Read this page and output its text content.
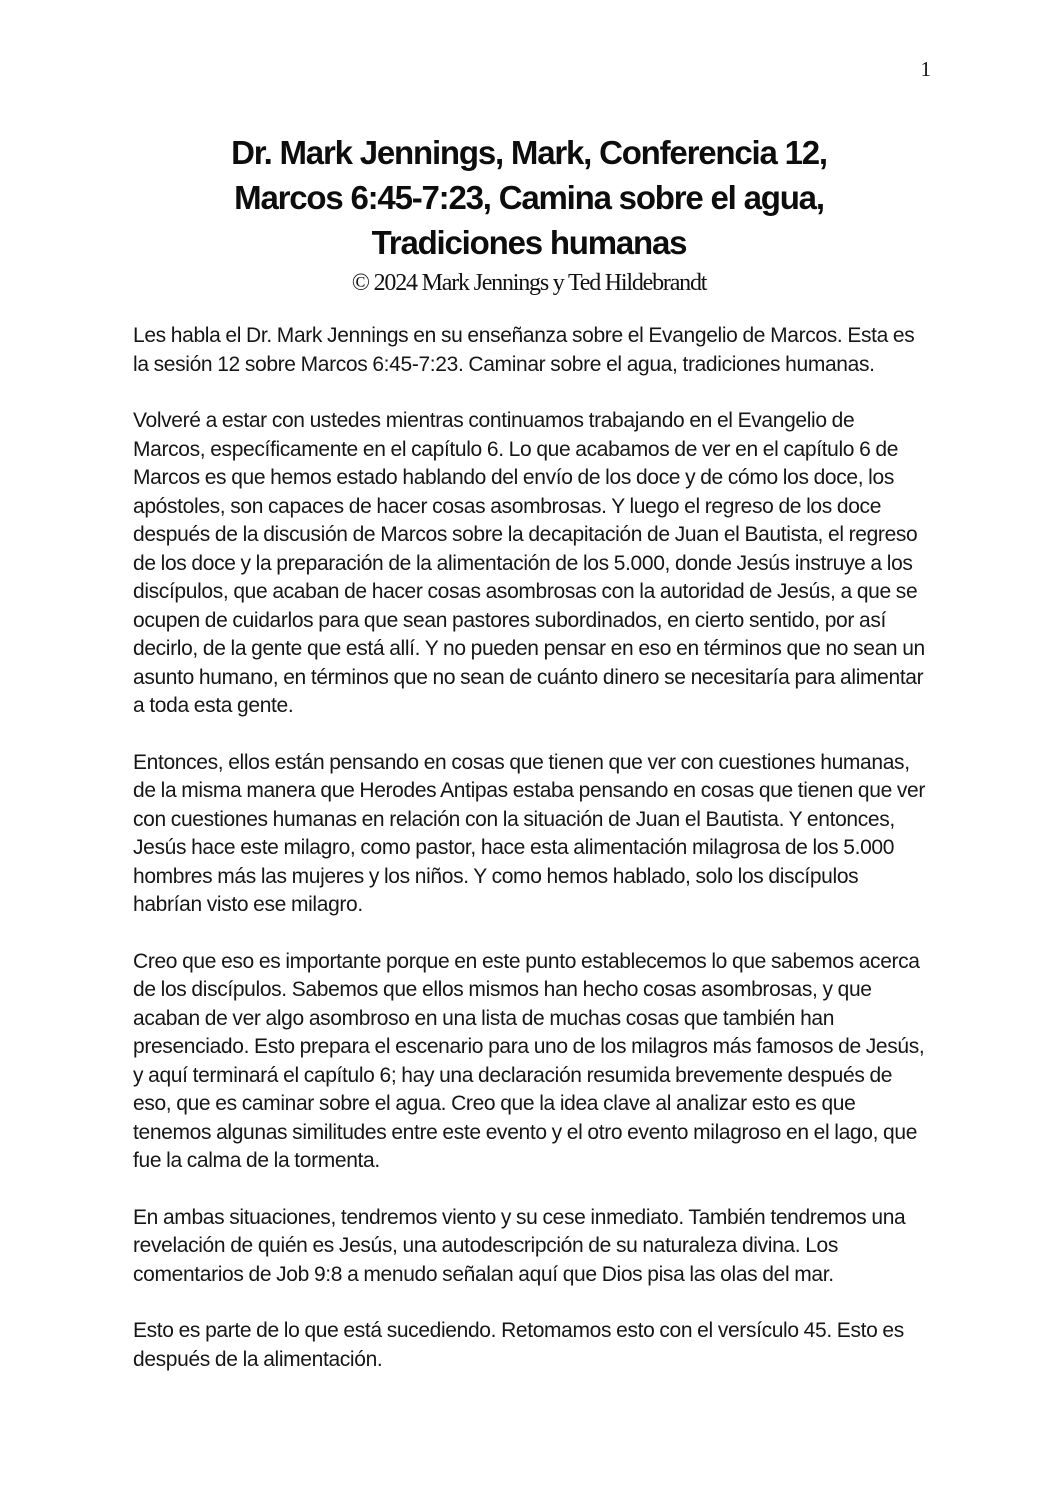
1
Dr. Mark Jennings, Mark, Conferencia 12,
Marcos 6:45-7:23, Camina sobre el agua,
Tradiciones humanas
© 2024 Mark Jennings y Ted Hildebrandt

Les habla el Dr. Mark Jennings en su enseñanza sobre el Evangelio de Marcos. Esta es la sesión 12 sobre Marcos 6:45-7:23. Caminar sobre el agua, tradiciones humanas.

Volveré a estar con ustedes mientras continuamos trabajando en el Evangelio de Marcos, específicamente en el capítulo 6. Lo que acabamos de ver en el capítulo 6 de Marcos es que hemos estado hablando del envío de los doce y de cómo los doce, los apóstoles, son capaces de hacer cosas asombrosas. Y luego el regreso de los doce después de la discusión de Marcos sobre la decapitación de Juan el Bautista, el regreso de los doce y la preparación de la alimentación de los 5.000, donde Jesús instruye a los discípulos, que acaban de hacer cosas asombrosas con la autoridad de Jesús, a que se ocupen de cuidarlos para que sean pastores subordinados, en cierto sentido, por así decirlo, de la gente que está allí. Y no pueden pensar en eso en términos que no sean un asunto humano, en términos que no sean de cuánto dinero se necesitaría para alimentar a toda esta gente.

Entonces, ellos están pensando en cosas que tienen que ver con cuestiones humanas, de la misma manera que Herodes Antipas estaba pensando en cosas que tienen que ver con cuestiones humanas en relación con la situación de Juan el Bautista. Y entonces, Jesús hace este milagro, como pastor, hace esta alimentación milagrosa de los 5.000 hombres más las mujeres y los niños. Y como hemos hablado, solo los discípulos habrían visto ese milagro.

Creo que eso es importante porque en este punto establecemos lo que sabemos acerca de los discípulos. Sabemos que ellos mismos han hecho cosas asombrosas, y que acaban de ver algo asombroso en una lista de muchas cosas que también han presenciado. Esto prepara el escenario para uno de los milagros más famosos de Jesús, y aquí terminará el capítulo 6; hay una declaración resumida brevemente después de eso, que es caminar sobre el agua. Creo que la idea clave al analizar esto es que tenemos algunas similitudes entre este evento y el otro evento milagroso en el lago, que fue la calma de la tormenta.

En ambas situaciones, tendremos viento y su cese inmediato. También tendremos una revelación de quién es Jesús, una autodescripción de su naturaleza divina. Los comentarios de Job 9:8 a menudo señalan aquí que Dios pisa las olas del mar.

Esto es parte de lo que está sucediendo. Retomamos esto con el versículo 45. Esto es después de la alimentación.
